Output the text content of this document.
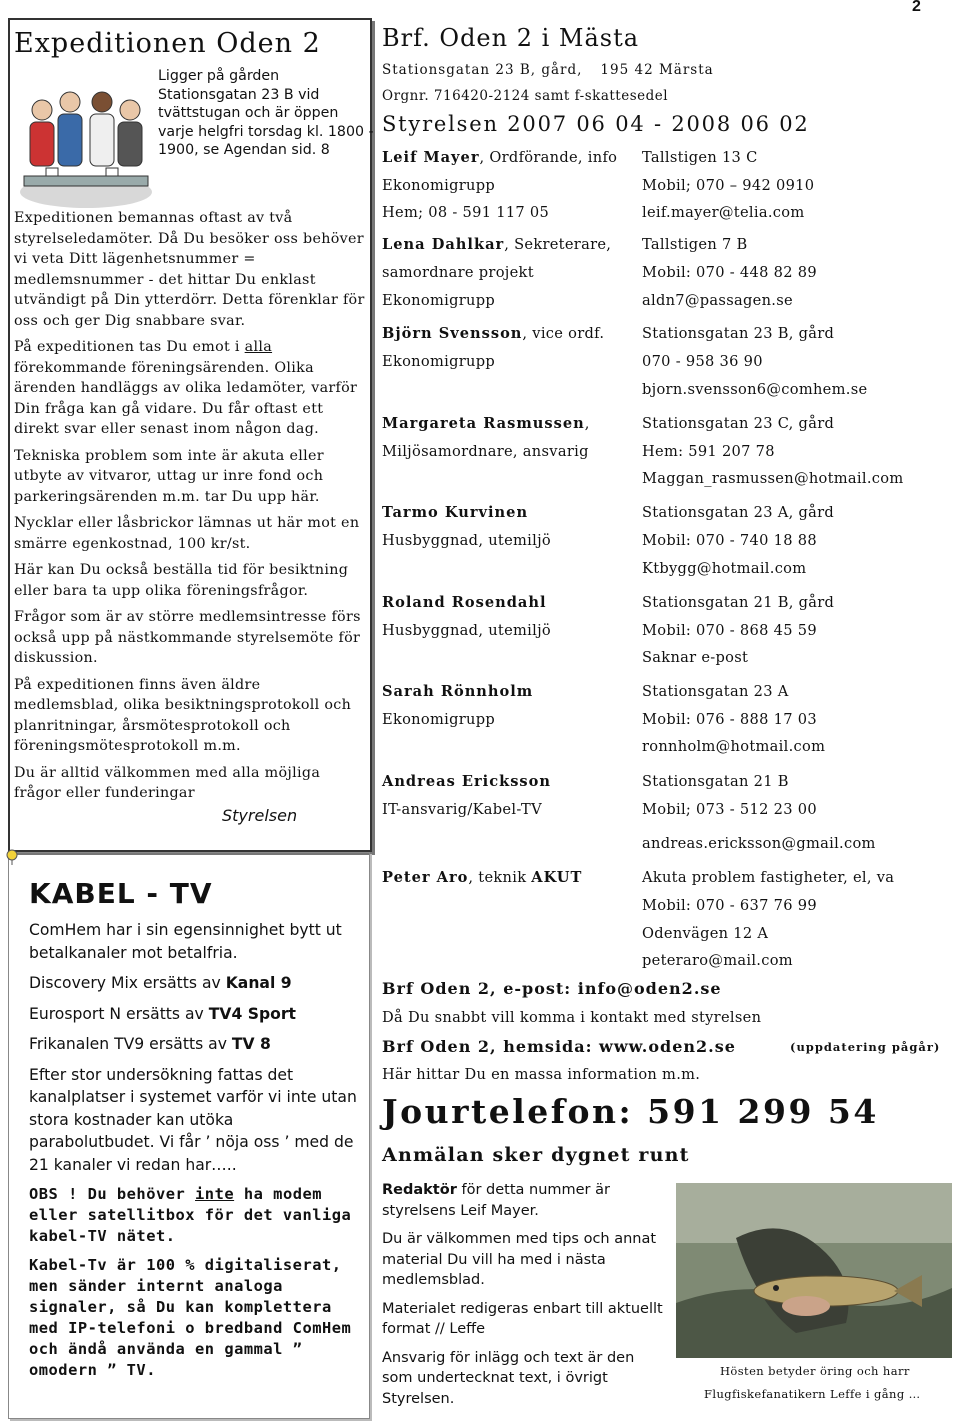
2
Expeditionen Oden 2
Ligger på gården Stationsgatan 23 B vid tvättstugan och är öppen varje helgfri torsdag kl. 1800 - 1900, se Agendan sid. 8

Expeditionen bemannas oftast av två styrelseledamöter. Då Du besöker oss behöver vi veta Ditt lägenhetsnummer = medlemsnummer - det hittar Du enklast utvändigt på Din ytterdörr. Detta förenklar för oss och ger Dig snabbare svar.

På expeditionen tas Du emot i alla förekommande föreningsärenden. Olika ärenden handläggs av olika ledamöter, varför Din fråga kan gå vidare. Du får oftast ett direkt svar eller senast inom någon dag.

Tekniska problem som inte är akuta eller utbyte av vitvaror, uttag ur inre fond och parkeringsärenden m.m. tar Du upp här.

Nycklar eller låsbrickor lämnas ut här mot en smärre egenkostnad, 100 kr/st.

Här kan Du också beställa tid för besiktning eller bara ta upp olika föreningsfrågor.

Frågor som är av större medlemsintresse förs också upp på nästkommande styrelsemöte för diskussion.

På expeditionen finns även äldre medlemsblad, olika besiktningsprotokoll och planritningar, årsmötesprotokoll och föreningsmötesprotokoll m.m.

Du är alltid välkommen med alla möjliga frågor eller funderingar

Styrelsen
KABEL - TV

ComHem har i sin egensinnighet bytt ut betalkanaler mot betalfria.

Discovery Mix ersätts av Kanal 9

Eurosport N ersätts av TV4 Sport

Frikanalen TV9 ersätts av TV 8

Efter stor undersökning fattas det kanalplatser i systemet varför vi inte utan stora kostnader kan utöka parabolutbudet. Vi får ’ nöja oss ’ med de 21 kanaler vi redan har…..

OBS ! Du behöver inte ha modem eller satellitbox för det vanliga kabel-TV nätet.

Kabel-Tv är 100 % digitaliserat, men sänder internt analoga signaler, så Du kan komplettera med IP-telefoni o bredband ComHem och ändå använda en gammal ” omodern ” TV.

Brf. Oden 2 i Mästa
Stationsgatan 23 B, gård, 195 42 Märsta
Orgnr. 716420-2124 samt f-skattesedel
Styrelsen 2007 06 04 - 2008 06 02
Leif Mayer, Ordförande, info
Ekonomigrupp
Hem; 08 - 591 117 05
Tallstigen 13 C
Mobil; 070 – 942 0910
leif.mayer@telia.com
Lena Dahlkar, Sekreterare,
samordnare projekt
Ekonomigrupp
Tallstigen 7 B
Mobil: 070 - 448 82 89
aldn7@passagen.se
Björn Svensson, vice ordf.
Ekonomigrupp
Stationsgatan 23 B, gård
070 - 958 36 90
bjorn.svensson6@comhem.se
Margareta Rasmussen,
Miljösamordnare, ansvarig
Stationsgatan 23 C, gård
Hem: 591 207 78
Maggan_rasmussen@hotmail.com
Tarmo Kurvinen
Husbyggnad, utemiljö
Stationsgatan 23 A, gård
Mobil: 070 - 740 18 88
Ktbygg@hotmail.com
Roland Rosendahl
Husbyggnad, utemiljö
Stationsgatan 21 B, gård
Mobil: 070 - 868 45 59
Saknar e-post
Sarah Rönnholm
Ekonomigrupp
Stationsgatan 23 A
Mobil: 076 - 888 17 03
ronnholm@hotmail.com
Andreas Ericksson
IT-ansvarig/Kabel-TV
Stationsgatan 21 B
Mobil; 073 - 512 23 00
andreas.ericksson@gmail.com
Peter Aro, teknik AKUT	Akuta problem fastigheter, el, va
Mobil: 070 - 637 76 99
Odenvägen 12 A
peteraro@mail.com
Brf Oden 2, e-post: info@oden2.se
Då Du snabbt vill komma i kontakt med styrelsen
Brf Oden 2, hemsida: www.oden2.se	(uppdatering pågår)
Här hittar Du en massa information m.m.
Jourtelefon: 591 299 54
Anmälan sker dygnet runt

Redaktör för detta nummer är styrelsens Leif Mayer.

Du är välkommen med tips och annat material Du vill ha med i nästa medlemsblad.

Materialet redigeras enbart till aktuellt format // Leffe

Ansvarig för inlägg och text är den som undertecknat text, i övrigt Styrelsen.

Hösten betyder öring och harr
Flugfiskefanatikern Leffe i gång …
